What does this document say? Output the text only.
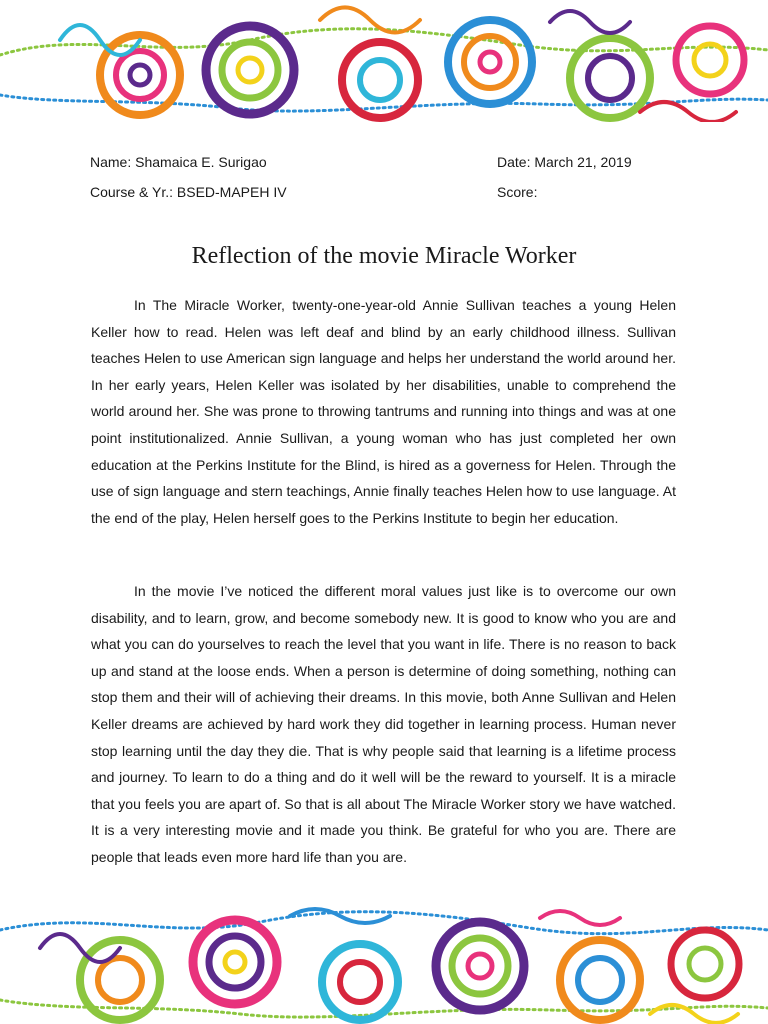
Name: Shamaica E. Surigao
Course & Yr.: BSED-MAPEH IV
Date: March 21, 2019
Score:
Reflection of the movie Miracle Worker

In The Miracle Worker, twenty-one-year-old Annie Sullivan teaches a young Helen Keller how to read. Helen was left deaf and blind by an early childhood illness. Sullivan teaches Helen to use American sign language and helps her understand the world around her. In her early years, Helen Keller was isolated by her disabilities, unable to comprehend the world around her. She was prone to throwing tantrums and running into things and was at one point institutionalized. Annie Sullivan, a young woman who has just completed her own education at the Perkins Institute for the Blind, is hired as a governess for Helen. Through the use of sign language and stern teachings, Annie finally teaches Helen how to use language. At the end of the play, Helen herself goes to the Perkins Institute to begin her education.

In the movie I’ve noticed the different moral values just like is to overcome our own disability, and to learn, grow, and become somebody new. It is good to know who you are and what you can do yourselves to reach the level that you want in life. There is no reason to back up and stand at the loose ends. When a person is determine of doing something, nothing can stop them and their will of achieving their dreams. In this movie, both Anne Sullivan and Helen Keller dreams are achieved by hard work they did together in learning process. Human never stop learning until the day they die. That is why people said that learning is a lifetime process and journey. To learn to do a thing and do it well will be the reward to yourself. It is a miracle that you feels you are apart of. So that is all about The Miracle Worker story we have watched. It is a very interesting movie and it made you think. Be grateful for who you are. There are people that leads even more hard life than you are.
